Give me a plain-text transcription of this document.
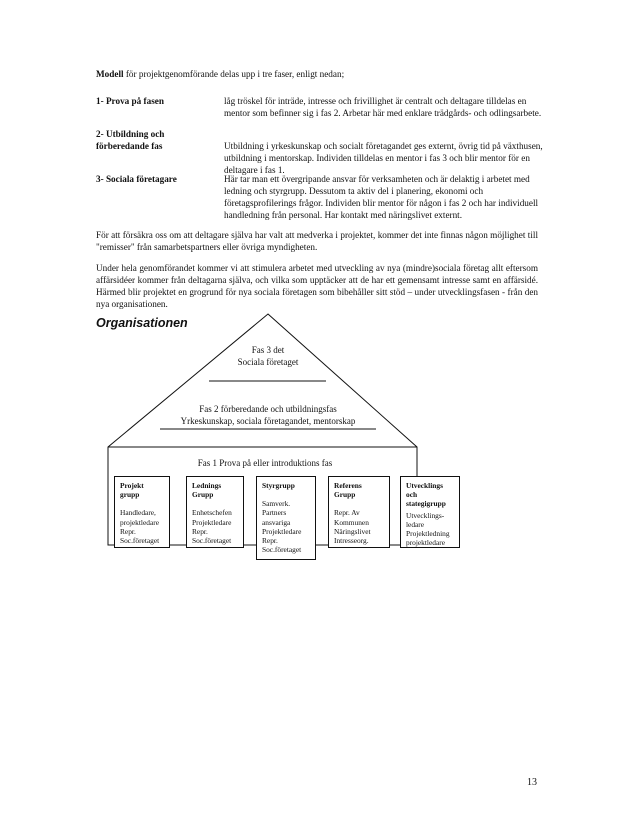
Modell för projektgenomförande delas upp i tre faser, enligt nedan;
1- Prova på fasen	låg tröskel för inträde, intresse och frivillighet är centralt och deltagare tilldelas en mentor som befinner sig i fas 2. Arbetar här med enklare trädgårds- och odlingsarbete.
2- Utbildning och förberedande fas	Utbildning i yrkeskunskap och socialt företagandet ges externt, övrig tid på växthusen, utbildning i mentorskap. Individen tilldelas en mentor i fas 3 och blir mentor för en deltagare i fas 1.
3- Sociala företagare	Här tar man ett övergripande ansvar för verksamheten och är delaktig i arbetet med ledning och styrgrupp. Dessutom ta aktiv del i planering, ekonomi och företagsprofilerings frågor. Individen blir mentor för någon i fas 2 och har individuell handledning från personal. Har kontakt med näringslivet externt.
För att försäkra oss om att deltagare själva har valt att medverka i projektet, kommer det inte finnas någon möjlighet till "remisser" från samarbetspartners eller övriga myndigheten.
Under hela genomförandet kommer vi att stimulera arbetet med utveckling av nya (mindre)sociala företag allt eftersom affärsidéer kommer från deltagarna själva, och vilka som upptäcker att de har ett gemensamt intresse samt en affärsidé. Härmed blir projektet en grogrund för nya sociala företagen som bibehåller sitt stöd – under utvecklingsfasen - från den nya organisationen.
Organisationen
Fas 3 det
Sociala företaget
Fas 2 förberedande och utbildningsfas
Yrkeskunskap, sociala företagandet, mentorskap
Fas 1 Prova på eller introduktions fas
Projekt
grupp
Handledare,
projektledare
Repr.
Soc.företaget
Lednings
Grupp
Enhetschefen
Projektledare
Repr.
Soc.företaget
Styrgrupp
Samverk.
Partners
ansvariga
Projektledare
Repr.
Soc.företaget
Referens
Grupp
Repr. Av
Kommunen
Näringslivet
Intresseorg.
Utvecklings
och
stategigrupp
Utvecklings-
ledare
Projektledning
projektledare
13
